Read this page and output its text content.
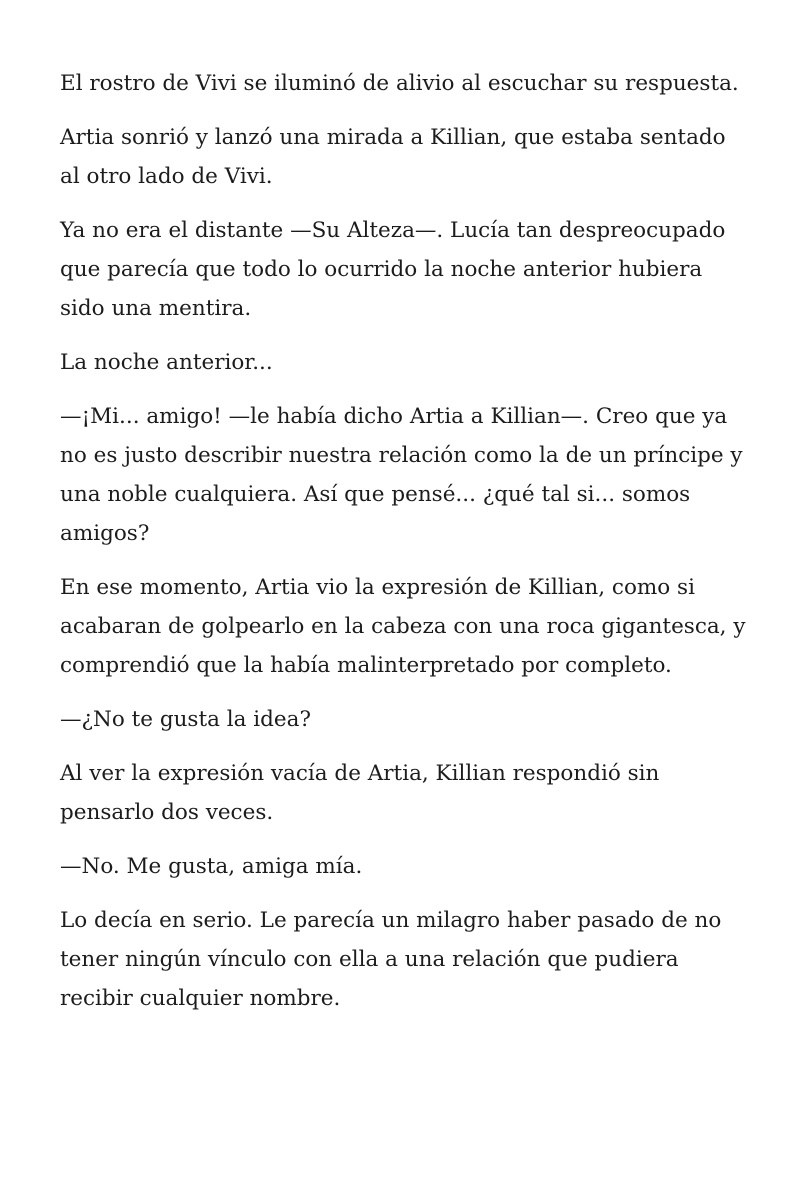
El rostro de Vivi se iluminó de alivio al escuchar su respuesta.

Artia sonrió y lanzó una mirada a Killian, que estaba sentado al otro lado de Vivi.

Ya no era el distante —Su Alteza—. Lucía tan despreocupado que parecía que todo lo ocurrido la noche anterior hubiera sido una mentira.

La noche anterior...

—¡Mi... amigo! —le había dicho Artia a Killian—. Creo que ya no es justo describir nuestra relación como la de un príncipe y una noble cualquiera. Así que pensé... ¿qué tal si... somos amigos?

En ese momento, Artia vio la expresión de Killian, como si acabaran de golpearlo en la cabeza con una roca gigantesca, y comprendió que la había malinterpretado por completo.

—¿No te gusta la idea?

Al ver la expresión vacía de Artia, Killian respondió sin pensarlo dos veces.

—No. Me gusta, amiga mía.

Lo decía en serio. Le parecía un milagro haber pasado de no tener ningún vínculo con ella a una relación que pudiera recibir cualquier nombre.
